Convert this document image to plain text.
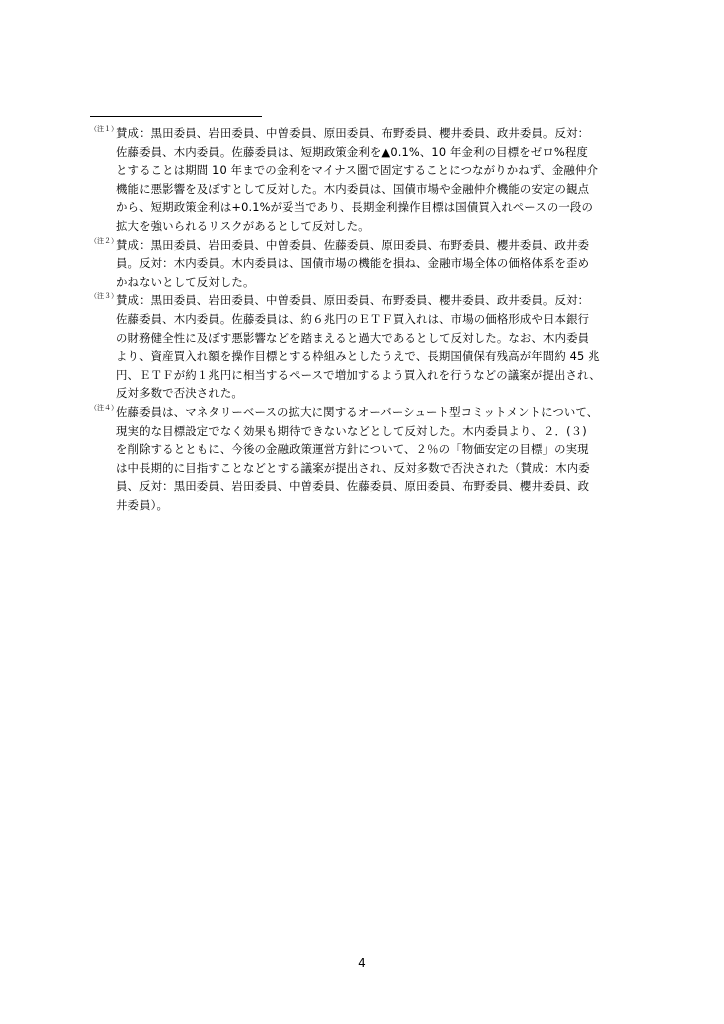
（注１）
賛成：黒田委員、岩田委員、中曽委員、原田委員、布野委員、櫻井委員、政井委員。反対：
佐藤委員、木内委員。佐藤委員は、短期政策金利を▲0.1%、10 年金利の目標をゼロ%程度
とすることは期間 10 年までの金利をマイナス圏で固定することにつながりかねず、金融仲介
機能に悪影響を及ぼすとして反対した。木内委員は、国債市場や金融仲介機能の安定の観点
から、短期政策金利は+0.1%が妥当であり、長期金利操作目標は国債買入れペースの一段の
拡大を強いられるリスクがあるとして反対した。
（注２）
賛成：黒田委員、岩田委員、中曽委員、佐藤委員、原田委員、布野委員、櫻井委員、政井委
員。反対：木内委員。木内委員は、国債市場の機能を損ね、金融市場全体の価格体系を歪め
かねないとして反対した。
（注３）
賛成：黒田委員、岩田委員、中曽委員、原田委員、布野委員、櫻井委員、政井委員。反対：
佐藤委員、木内委員。佐藤委員は、約６兆円のＥＴＦ買入れは、市場の価格形成や日本銀行
の財務健全性に及ぼす悪影響などを踏まえると過大であるとして反対した。なお、木内委員
より、資産買入れ額を操作目標とする枠組みとしたうえで、長期国債保有残高が年間約 45 兆
円、ＥＴＦが約１兆円に相当するペースで増加するよう買入れを行うなどの議案が提出され、
反対多数で否決された。
（注４）
佐藤委員は、マネタリーベースの拡大に関するオーバーシュート型コミットメントについて、
現実的な目標設定でなく効果も期待できないなどとして反対した。木内委員より、２．(３)
を削除するとともに、今後の金融政策運営方針について、２％の「物価安定の目標」の実現
は中長期的に目指すことなどとする議案が提出され、反対多数で否決された（賛成：木内委
員、反対：黒田委員、岩田委員、中曽委員、佐藤委員、原田委員、布野委員、櫻井委員、政
井委員）。
4
